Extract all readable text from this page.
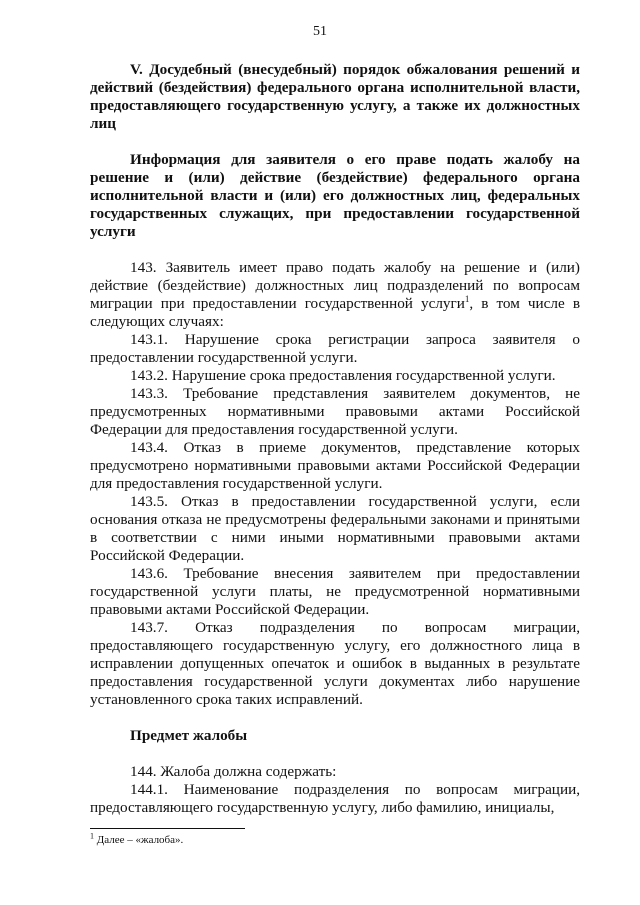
51

V. Досудебный (внесудебный) порядок обжалования решений и действий (бездействия) федерального органа исполнительной власти, предоставляющего государственную услугу, а также их должностных лиц

Информация для заявителя о его праве подать жалобу на решение и (или) действие (бездействие) федерального органа исполнительной власти и (или) его должностных лиц, федеральных государственных служащих, при предоставлении государственной услуги

143. Заявитель имеет право подать жалобу на решение и (или) действие (бездействие) должностных лиц подразделений по вопросам миграции при предоставлении государственной услуги$^1$, в том числе в следующих случаях:

143.1. Нарушение срока регистрации запроса заявителя о предоставлении государственной услуги.

143.2. Нарушение срока предоставления государственной услуги.

143.3. Требование представления заявителем документов, не предусмотренных нормативными правовыми актами Российской Федерации для предоставления государственной услуги.

143.4. Отказ в приеме документов, представление которых предусмотрено нормативными правовыми актами Российской Федерации для предоставления государственной услуги.

143.5. Отказ в предоставлении государственной услуги, если основания отказа не предусмотрены федеральными законами и принятыми в соответствии с ними иными нормативными правовыми актами Российской Федерации.

143.6. Требование внесения заявителем при предоставлении государственной услуги платы, не предусмотренной нормативными правовыми актами Российской Федерации.

143.7. Отказ подразделения по вопросам миграции, предоставляющего государственную услугу, его должностного лица в исправлении допущенных опечаток и ошибок в выданных в результате предоставления государственной услуги документах либо нарушение установленного срока таких исправлений.

Предмет жалобы

144. Жалоба должна содержать:

144.1. Наименование подразделения по вопросам миграции, предоставляющего государственную услугу, либо фамилию, инициалы,

$^1$ Далее – «жалоба».
